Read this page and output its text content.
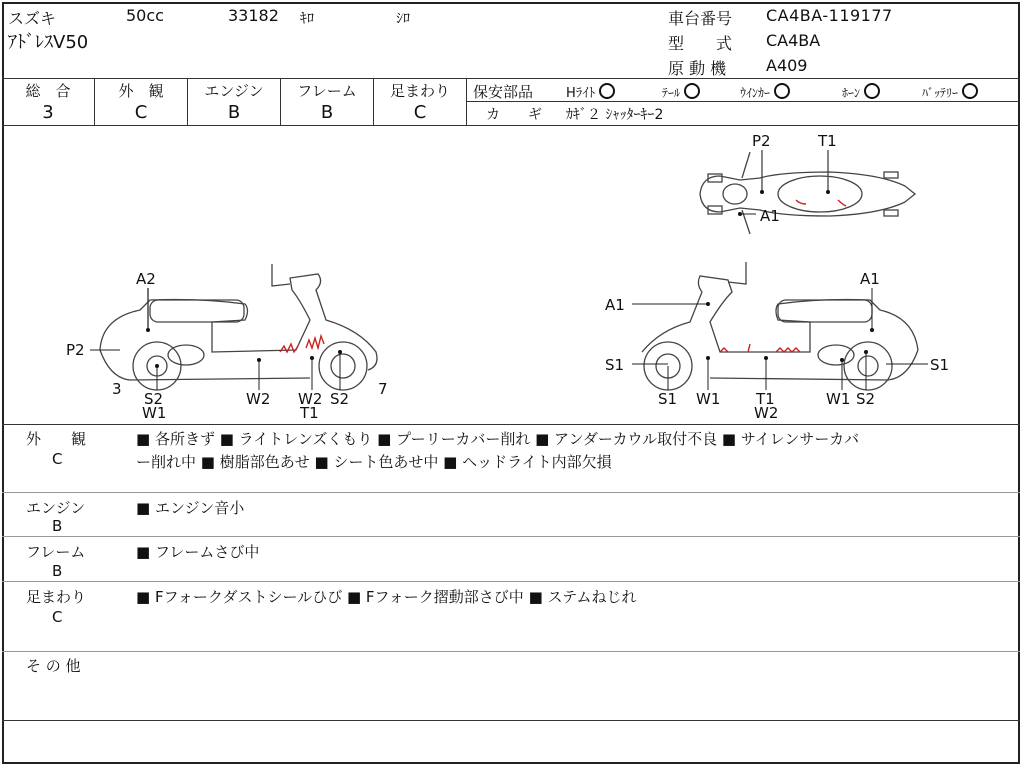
スズキ	50cc	33182 ｷﾛ	ｼﾛ
ｱﾄﾞﾚｽV50
車台番号 CA4BA-119177
型　　式 CA4BA
原 動 機 A409
総　合
3
外　観
C
エンジン
B
フレーム
B
足まわり
C
保安部品	Hﾗｲﾄ	ﾃｰﾙ	ｳｲﾝｶｰ	ﾎｰﾝ	ﾊﾞｯﾃﾘｰ
カ　　ギ ｶｷﾞ２ ｼｬｯﾀｰｷｰ2
P2	T1
A1
A2
P2
3
S2
W1
W2 W2
T1
S2
7
A1
A1
S1	S1
S1 W1 T1
W2
W1 S2
外　　観
C
■ 各所きず ■ ライトレンズくもり ■ プーリーカバー削れ ■ アンダーカウル取付不良 ■ サイレンサーカバ
ー削れ中 ■ 樹脂部色あせ ■ シート色あせ中 ■ ヘッドライト内部欠損
エンジン
B
■ エンジン音小
フレーム
B
■ フレームさび中
足まわり
C
■ Fフォークダストシールひび ■ Fフォーク摺動部さび中 ■ ステムねじれ
そ の 他
